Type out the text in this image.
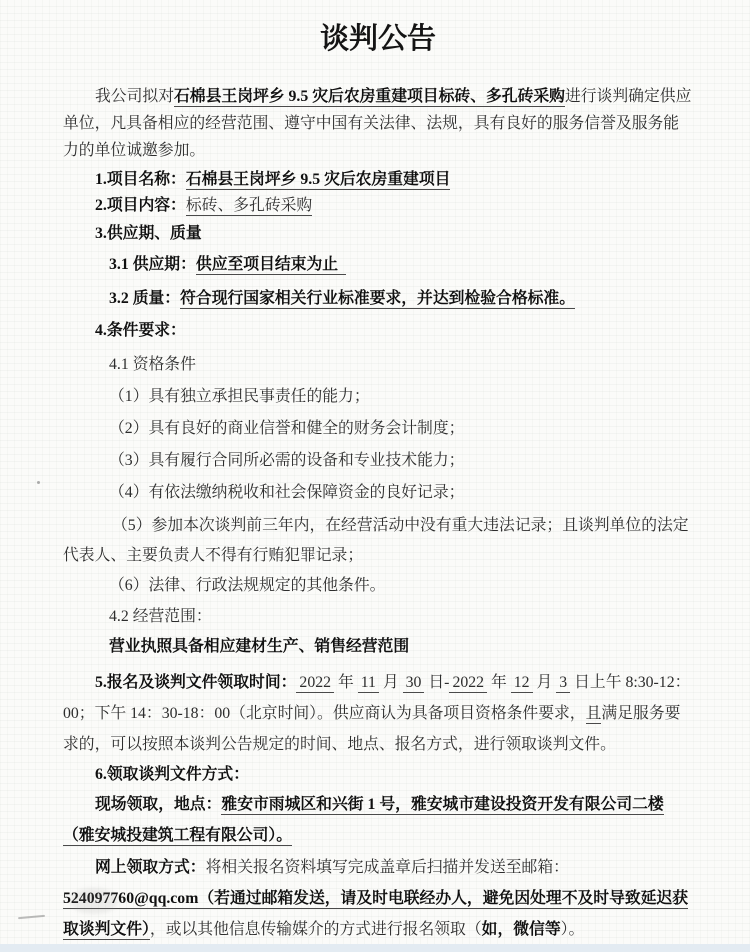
谈判公告

我公司拟对石棉县王岗坪乡 9.5 灾后农房重建项目标砖、多孔砖采购进行谈判确定供应单位，凡具备相应的经营范围、遵守中国有关法律、法规，具有良好的服务信誉及服务能力的单位诚邀参加。

1.项目名称：石棉县王岗坪乡 9.5 灾后农房重建项目

2.项目内容：标砖、多孔砖采购

3.供应期、质量

3.1 供应期：供应至项目结束为止

3.2 质量：符合现行国家相关行业标准要求，并达到检验合格标准。

4.条件要求：

4.1 资格条件

（1）具有独立承担民事责任的能力；

（2）具有良好的商业信誉和健全的财务会计制度；

（3）具有履行合同所必需的设备和专业技术能力；

（4）有依法缴纳税收和社会保障资金的良好记录；

（5）参加本次谈判前三年内，在经营活动中没有重大违法记录；且谈判单位的法定代表人、主要负责人不得有行贿犯罪记录；

（6）法律、行政法规规定的其他条件。

4.2 经营范围：

营业执照具备相应建材生产、销售经营范围

5.报名及谈判文件领取时间： 2022 年 11 月 30 日- 2022 年 12 月 3 日上午 8:30-12：00；下午 14：30-18：00（北京时间）。供应商认为具备项目资格条件要求，且满足服务要求的，可以按照本谈判公告规定的时间、地点、报名方式，进行领取谈判文件。

6.领取谈判文件方式：

现场领取，地点：雅安市雨城区和兴街 1 号，雅安城市建设投资开发有限公司二楼（雅安城投建筑工程有限公司）。

网上领取方式：将相关报名资料填写完成盖章后扫描并发送至邮箱：524097760@qq.com（若通过邮箱发送，请及时电联经办人，避免因处理不及时导致延迟获取谈判文件），或以其他信息传输媒介的方式进行报名领取（如，微信等）。
